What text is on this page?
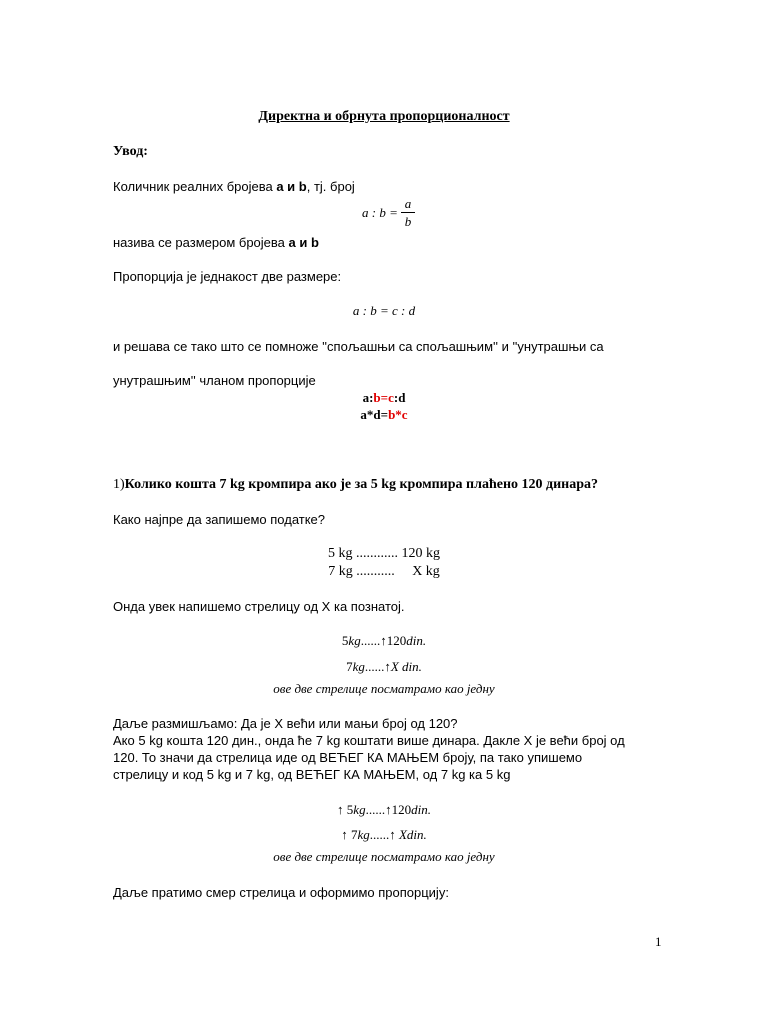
Директна и обрнута пропорционалност
Увод:
Количник реалних бројева a и b, тј. број
a : b =
a
b
назива се размером бројева a и b
Пропорција је једнакост две размере:
a : b = c : d
и решава се тако што се помноже ''спољашњи са спољашњим'' и ''унутрашњи са
унутрашњим'' чланом пропорције
a:b=c:d
a*d=b*c
1)Колико кошта 7 kg кромпира ако је за 5 kg кромпира плаћено 120 динара?
Како најпре да запишемо податке?
5 kg ............ 120 kg
7 kg ...........     X kg
Онда увек напишемо стрелицу од X ка познатој.
5kg......↑120din.
7kg......↑X din.
ове две стрелице посматрамо као једну
Даље размишљамо: Да је X већи или мањи број од 120?
Ако 5 kg кошта 120 дин., онда ће 7 kg коштати више динара. Дакле X је већи број од
120. То значи да стрелица иде од ВЕЋЕГ КА МАЊЕМ броју, па тако упишемо
стрелицу и код 5 kg и 7 kg, од ВЕЋЕГ КА МАЊЕМ, од 7 kg ка 5 kg
↑ 5kg......↑120din.
↑ 7kg......↑ Xdin.
ове две стрелице посматрамо као једну
Даље пратимо смер стрелица и оформимо пропорцију:
1
